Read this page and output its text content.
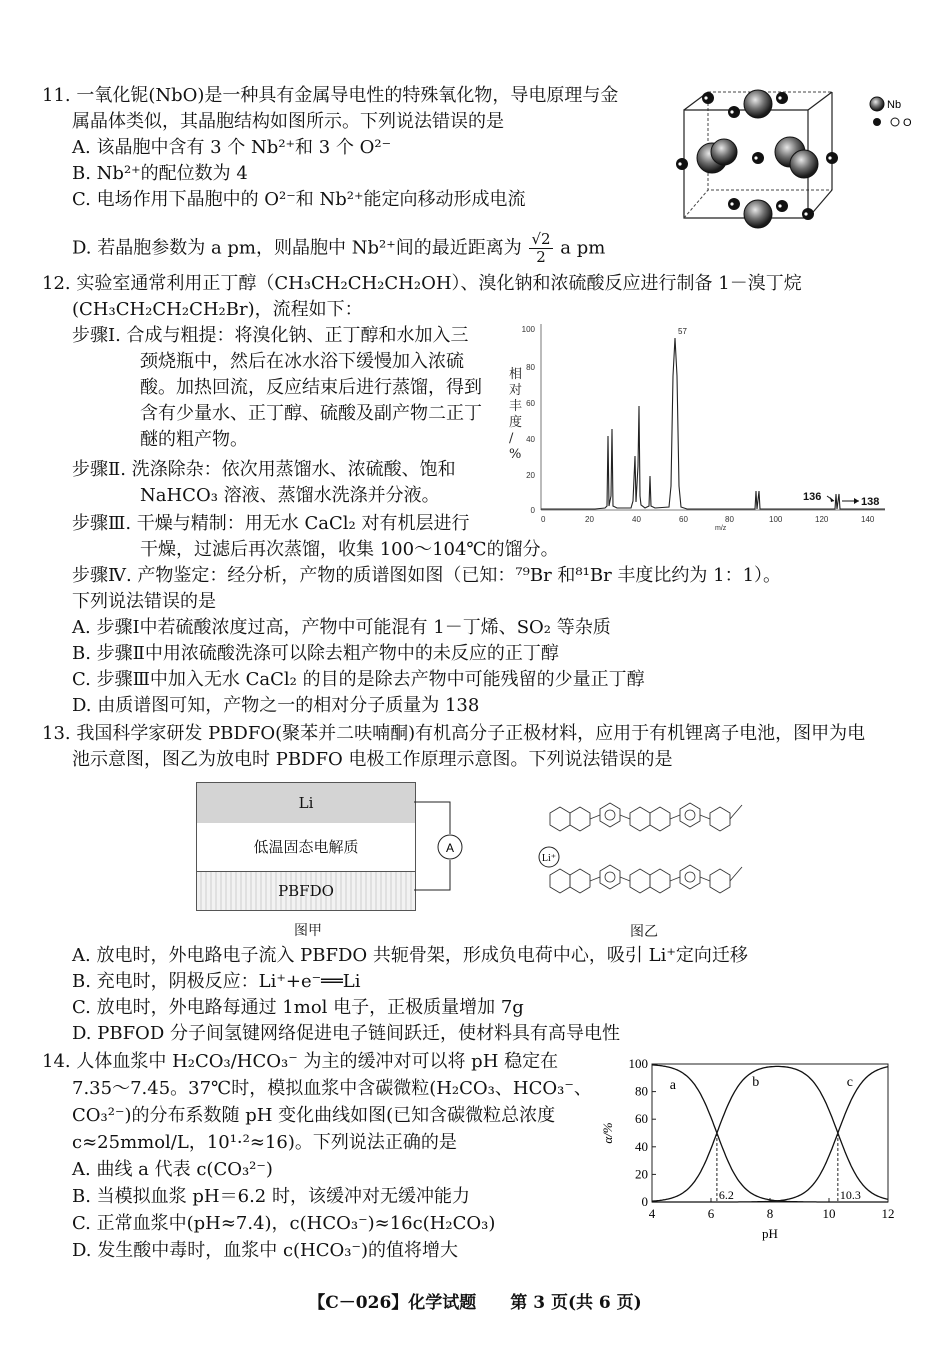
11. 一氧化铌(NbO)是一种具有金属导电性的特殊氧化物，导电原理与金
属晶体类似，其晶胞结构如图所示。下列说法错误的是
A. 该晶胞中含有 3 个 Nb²⁺和 3 个 O²⁻
B. Nb²⁺的配位数为 4
C. 电场作用下晶胞中的 O²⁻和 Nb²⁺能定向移动形成电流
D. 若晶胞参数为 a pm，则晶胞中 Nb²⁺间的最近距离为 $\frac{√2}{2}$ a pm
Nb
O
12. 实验室通常利用正丁醇（CH₃CH₂CH₂CH₂OH）、溴化钠和浓硫酸反应进行制备 1－溴丁烷
(CH₃CH₂CH₂CH₂Br)，流程如下：
步骤Ⅰ. 合成与粗提：将溴化钠、正丁醇和水加入三
颈烧瓶中，然后在冰水浴下缓慢加入浓硫
酸。加热回流，反应结束后进行蒸馏，得到
含有少量水、正丁醇、硫酸及副产物二正丁
醚的粗产物。
步骤Ⅱ. 洗涤除杂：依次用蒸馏水、浓硫酸、饱和
NaHCO₃ 溶液、蒸馏水洗涤并分液。
步骤Ⅲ. 干燥与精制：用无水 CaCl₂ 对有机层进行
干燥，过滤后再次蒸馏，收集 100～104℃的馏分。
步骤Ⅳ. 产物鉴定：经分析，产物的质谱图如图（已知：⁷⁹Br 和⁸¹Br 丰度比约为 1：1）。
下列说法错误的是
A. 步骤Ⅰ中若硫酸浓度过高，产物中可能混有 1－丁烯、SO₂ 等杂质
B. 步骤Ⅱ中用浓硫酸洗涤可以除去粗产物中的未反应的正丁醇
C. 步骤Ⅲ中加入无水 CaCl₂ 的目的是除去产物中可能残留的少量正丁醇
D. 由质谱图可知，产物之一的相对分子质量为 138
100
80
60
40
20
0
0	20	40	60	80	100	120	140
m/z
相
对
丰
度
/
%
57
136	138
13. 我国科学家研发 PBDFO(聚苯并二呋喃酮)有机高分子正极材料，应用于有机锂离子电池，图甲为电
池示意图，图乙为放电时 PBDFO 电极工作原理示意图。下列说法错误的是
Li
低温固态电解质
PBFDO
A
图甲
Li⁺
图乙
A. 放电时，外电路电子流入 PBFDO 共轭骨架，形成负电荷中心，吸引 Li⁺定向迁移
B. 充电时，阴极反应：Li⁺+e⁻══Li
C. 放电时，外电路每通过 1mol 电子，正极质量增加 7g
D. PBFOD 分子间氢键网络促进电子链间跃迁，使材料具有高导电性
14. 人体血浆中 H₂CO₃/HCO₃⁻ 为主的缓冲对可以将 pH 稳定在
7.35～7.45。37℃时，模拟血浆中含碳微粒(H₂CO₃、HCO₃⁻、
CO₃²⁻)的分布系数随 pH 变化曲线如图(已知含碳微粒总浓度
c≈25mmol/L，10¹·²≈16)。下列说法正确的是
A. 曲线 a 代表 c(CO₃²⁻)
B. 当模拟血浆 pH＝6.2 时，该缓冲对无缓冲能力
C. 正常血浆中(pH≈7.4)，c(HCO₃⁻)≈16c(H₂CO₃)
D. 发生酸中毒时，血浆中 c(HCO₃⁻)的值将增大
0
20
40
60
80
100
4	6	8	10	12
pH
α/%
6.2	10.3
a	b	c
【C－026】化学试题　　第 3 页(共 6 页)
